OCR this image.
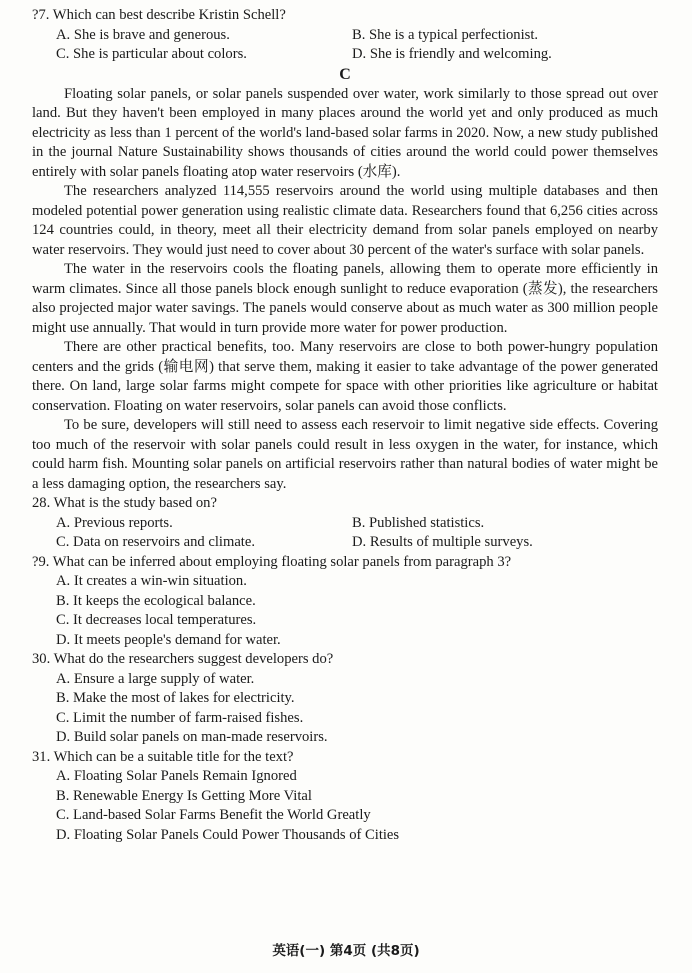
?7. Which can best describe Kristin Schell?
A. She is brave and generous.	B. She is a typical perfectionist.
C. She is particular about colors.	D. She is friendly and welcoming.
C

Floating solar panels, or solar panels suspended over water, work similarly to those spread out over land. But they haven't been employed in many places around the world yet and only produced as much electricity as less than 1 percent of the world's land-based solar farms in 2020. Now, a new study published in the journal Nature Sustainability shows thousands of cities around the world could power themselves entirely with solar panels floating atop water reservoirs (水库).

The researchers analyzed 114,555 reservoirs around the world using multiple databases and then modeled potential power generation using realistic climate data. Researchers found that 6,256 cities across 124 countries could, in theory, meet all their electricity demand from solar panels employed on nearby water reservoirs. They would just need to cover about 30 percent of the water's surface with solar panels.

The water in the reservoirs cools the floating panels, allowing them to operate more efficiently in warm climates. Since all those panels block enough sunlight to reduce evaporation (蒸发), the researchers also projected major water savings. The panels would conserve about as much water as 300 million people might use annually. That would in turn provide more water for power production.

There are other practical benefits, too. Many reservoirs are close to both power-hungry population centers and the grids (输电网) that serve them, making it easier to take advantage of the power generated there. On land, large solar farms might compete for space with other priorities like agriculture or habitat conservation. Floating on water reservoirs, solar panels can avoid those conflicts.

To be sure, developers will still need to assess each reservoir to limit negative side effects. Covering too much of the reservoir with solar panels could result in less oxygen in the water, for instance, which could harm fish. Mounting solar panels on artificial reservoirs rather than natural bodies of water might be a less damaging option, the researchers say.

28. What is the study based on?
A. Previous reports.	B. Published statistics.
C. Data on reservoirs and climate.	D. Results of multiple surveys.
?9. What can be inferred about employing floating solar panels from paragraph 3?
A. It creates a win-win situation.
B. It keeps the ecological balance.
C. It decreases local temperatures.
D. It meets people's demand for water.
30. What do the researchers suggest developers do?
A. Ensure a large supply of water.
B. Make the most of lakes for electricity.
C. Limit the number of farm-raised fishes.
D. Build solar panels on man-made reservoirs.
31. Which can be a suitable title for the text?
A. Floating Solar Panels Remain Ignored
B. Renewable Energy Is Getting More Vital
C. Land-based Solar Farms Benefit the World Greatly
D. Floating Solar Panels Could Power Thousands of Cities
英语(一) 第4页 (共8页)
